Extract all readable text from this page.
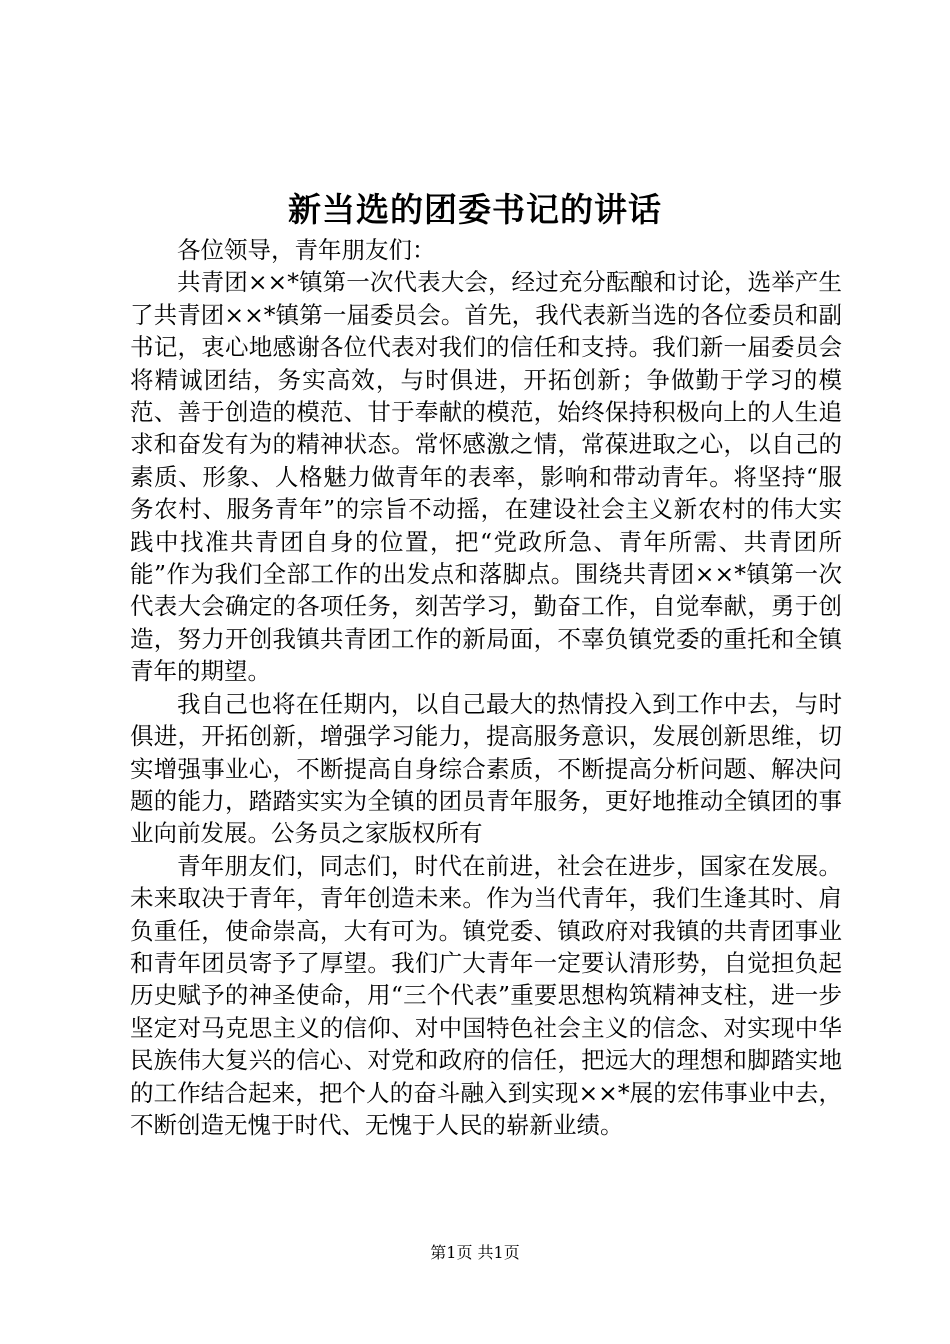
新当选的团委书记的讲话

各位领导，青年朋友们：

共青团××*镇第一次代表大会，经过充分酝酿和讨论，选举产生了共青团××*镇第一届委员会。首先，我代表新当选的各位委员和副书记，衷心地感谢各位代表对我们的信任和支持。我们新一届委员会将精诚团结，务实高效，与时俱进，开拓创新；争做勤于学习的模范、善于创造的模范、甘于奉献的模范，始终保持积极向上的人生追求和奋发有为的精神状态。常怀感激之情，常葆进取之心，以自己的素质、形象、人格魅力做青年的表率，影响和带动青年。将坚持“服务农村、服务青年”的宗旨不动摇，在建设社会主义新农村的伟大实践中找准共青团自身的位置，把“党政所急、青年所需、共青团所能”作为我们全部工作的出发点和落脚点。围绕共青团××*镇第一次代表大会确定的各项任务，刻苦学习，勤奋工作，自觉奉献，勇于创造，努力开创我镇共青团工作的新局面，不辜负镇党委的重托和全镇青年的期望。

我自己也将在任期内，以自己最大的热情投入到工作中去，与时俱进，开拓创新，增强学习能力，提高服务意识，发展创新思维，切实增强事业心，不断提高自身综合素质，不断提高分析问题、解决问题的能力，踏踏实实为全镇的团员青年服务，更好地推动全镇团的事业向前发展。公务员之家版权所有

青年朋友们，同志们，时代在前进，社会在进步，国家在发展。未来取决于青年，青年创造未来。作为当代青年，我们生逢其时、肩负重任，使命崇高，大有可为。镇党委、镇政府对我镇的共青团事业和青年团员寄予了厚望。我们广大青年一定要认清形势，自觉担负起历史赋予的神圣使命，用“三个代表”重要思想构筑精神支柱，进一步坚定对马克思主义的信仰、对中国特色社会主义的信念、对实现中华民族伟大复兴的信心、对党和政府的信任，把远大的理想和脚踏实地的工作结合起来，把个人的奋斗融入到实现××*展的宏伟事业中去，不断创造无愧于时代、无愧于人民的崭新业绩。

第1页 共1页
